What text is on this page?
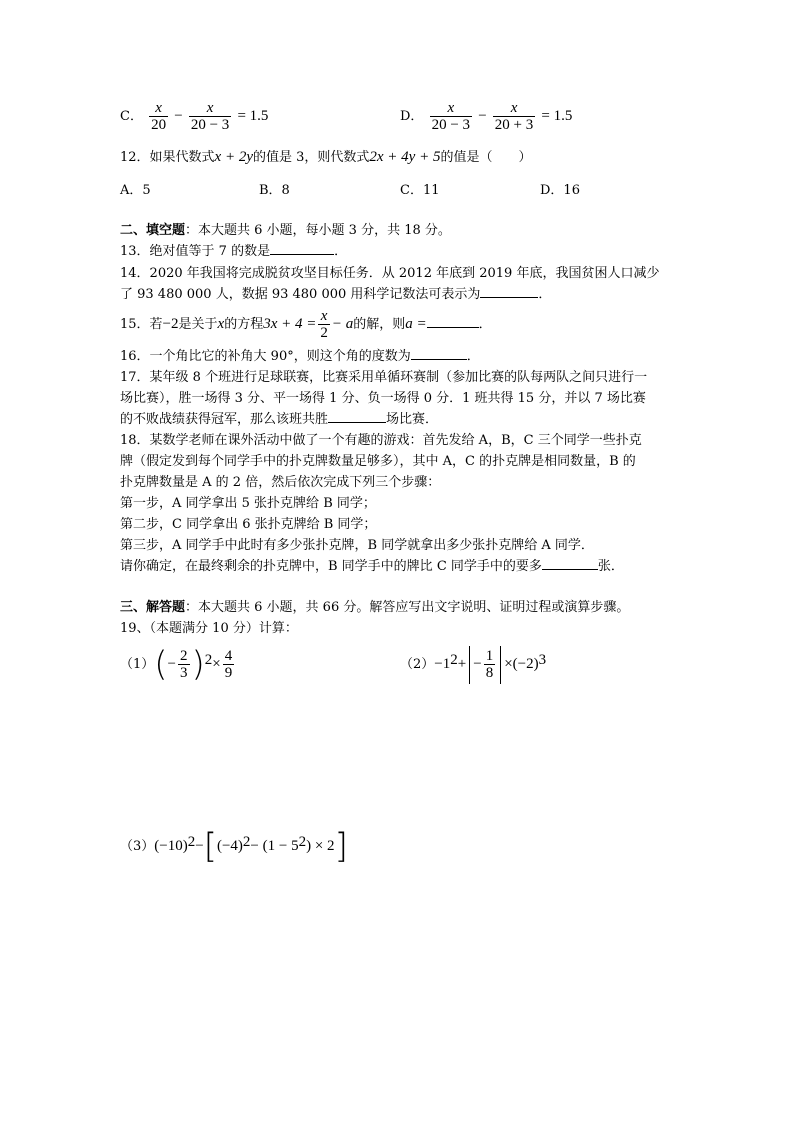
C． $\frac{x}{20} - \frac{x}{20 - 3} = 1.5$	D． $\frac{x}{20 - 3} - \frac{x}{20 + 3} = 1.5$
12．如果代数式x + 2y的值是 3，则代数式2x + 4y + 5的值是（　　）
A．5	B．8	C．11	D．16
二、填空题：本大题共 6 小题，每小题 3 分，共 18 分。
13．绝对值等于 7 的数是	．
14．2020 年我国将完成脱贫攻坚目标任务．从 2012 年底到 2019 年底，我国贫困人口减少
了 93 480 000 人，数据 93 480 000 用科学记数法可表示为	．
15．若−2是关于x的方程$3x + 4 = \frac{x}{2} - a$的解，则a =	．
16．一个角比它的补角大 90°，则这个角的度数为	．
17．某年级 8 个班进行足球联赛，比赛采用单循环赛制（参加比赛的队每两队之间只进行一
场比赛），胜一场得 3 分、平一场得 1 分、负一场得 0 分．1 班共得 15 分，并以 7 场比赛
的不败战绩获得冠军，那么该班共胜	场比赛．
18．某数学老师在课外活动中做了一个有趣的游戏：首先发给 A，B，C 三个同学一些扑克
牌（假定发到每个同学手中的扑克牌数量足够多），其中 A，C 的扑克牌是相同数量，B 的
扑克牌数量是 A 的 2 倍，然后依次完成下列三个步骤：
第一步，A 同学拿出 5 张扑克牌给 B 同学；
第二步，C 同学拿出 6 张扑克牌给 B 同学；
第三步，A 同学手中此时有多少张扑克牌，B 同学就拿出多少张扑克牌给 A 同学．
请你确定，在最终剩余的扑克牌中，B 同学手中的牌比 C 同学手中的要多	张．
三、解答题：本大题共 6 小题，共 66 分。解答应写出文字说明、证明过程或演算步骤。
19、（本题满分 10 分）计算：
$(1)(- \frac{2}{3} )^2\times \frac{4}{9}$	$(2)-1^2+ - \frac{1}{8} \times(-2)^3$
$(3)(-10)^2-[(-4)^2- (1 - 5^2) \times 2]$
